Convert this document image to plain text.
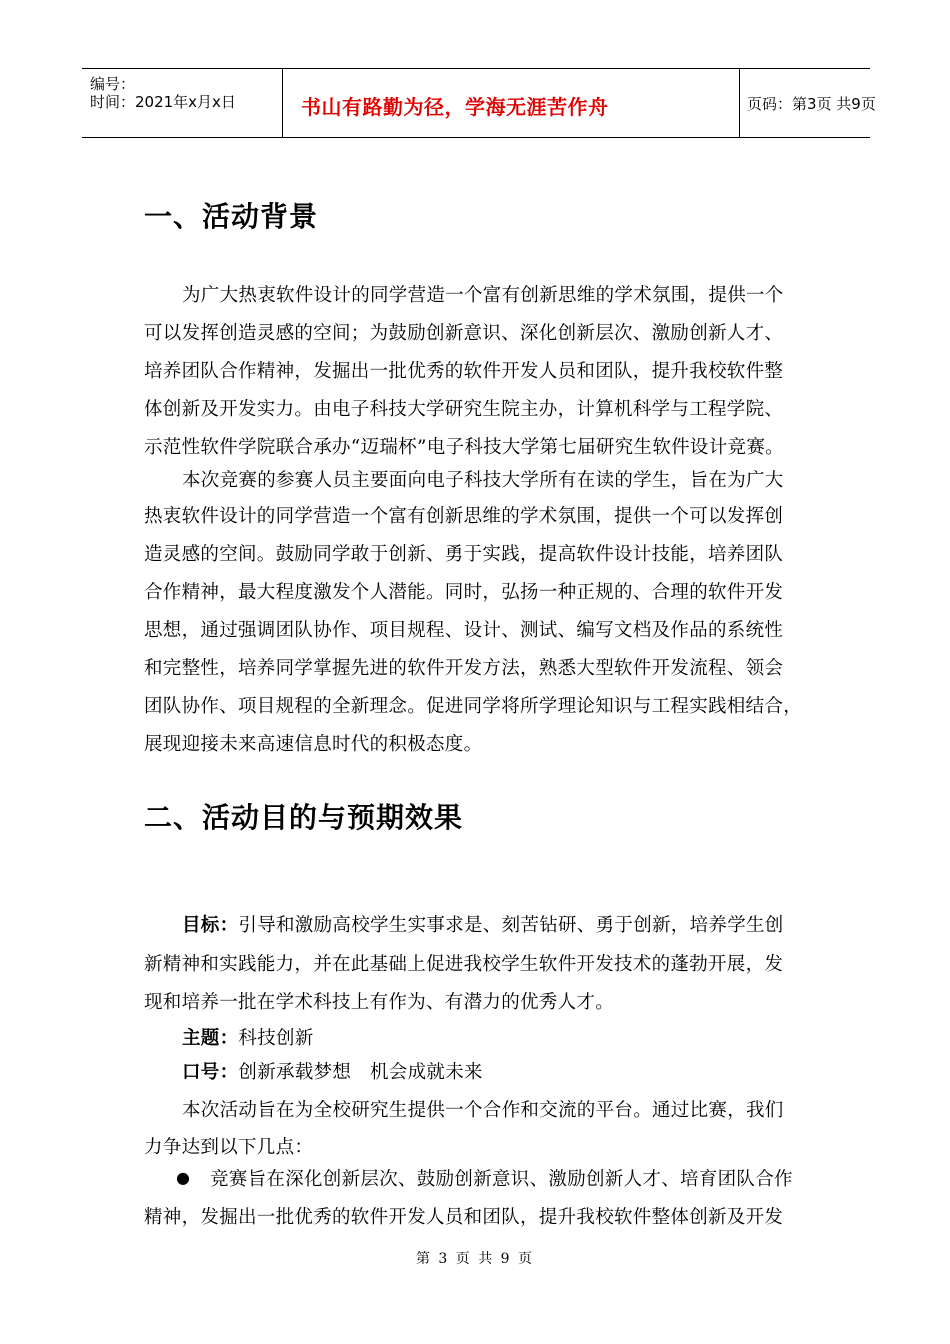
编号：
时间：2021年x月x日	书山有路勤为径，学海无涯苦作舟	页码：第3页 共9页
一、活动背景
为广大热衷软件设计的同学营造一个富有创新思维的学术氛围，提供一个
可以发挥创造灵感的空间；为鼓励创新意识、深化创新层次、激励创新人才、
培养团队合作精神，发掘出一批优秀的软件开发人员和团队，提升我校软件整
体创新及开发实力。由电子科技大学研究生院主办，计算机科学与工程学院、
示范性软件学院联合承办“迈瑞杯”电子科技大学第七届研究生软件设计竞赛。
本次竞赛的参赛人员主要面向电子科技大学所有在读的学生，旨在为广大
热衷软件设计的同学营造一个富有创新思维的学术氛围，提供一个可以发挥创
造灵感的空间。鼓励同学敢于创新、勇于实践，提高软件设计技能，培养团队
合作精神，最大程度激发个人潜能。同时，弘扬一种正规的、合理的软件开发
思想，通过强调团队协作、项目规程、设计、测试、编写文档及作品的系统性
和完整性，培养同学掌握先进的软件开发方法，熟悉大型软件开发流程、领会
团队协作、项目规程的全新理念。促进同学将所学理论知识与工程实践相结合，
展现迎接未来高速信息时代的积极态度。
二、活动目的与预期效果
目标：引导和激励高校学生实事求是、刻苦钻研、勇于创新，培养学生创
新精神和实践能力，并在此基础上促进我校学生软件开发技术的蓬勃开展，发
现和培养一批在学术科技上有作为、有潜力的优秀人才。
主题：科技创新
口号：创新承载梦想　机会成就未来
本次活动旨在为全校研究生提供一个合作和交流的平台。通过比赛，我们
力争达到以下几点：
● 竞赛旨在深化创新层次、鼓励创新意识、激励创新人才、培育团队合作
精神，发掘出一批优秀的软件开发人员和团队，提升我校软件整体创新及开发
第 3 页 共 9 页
